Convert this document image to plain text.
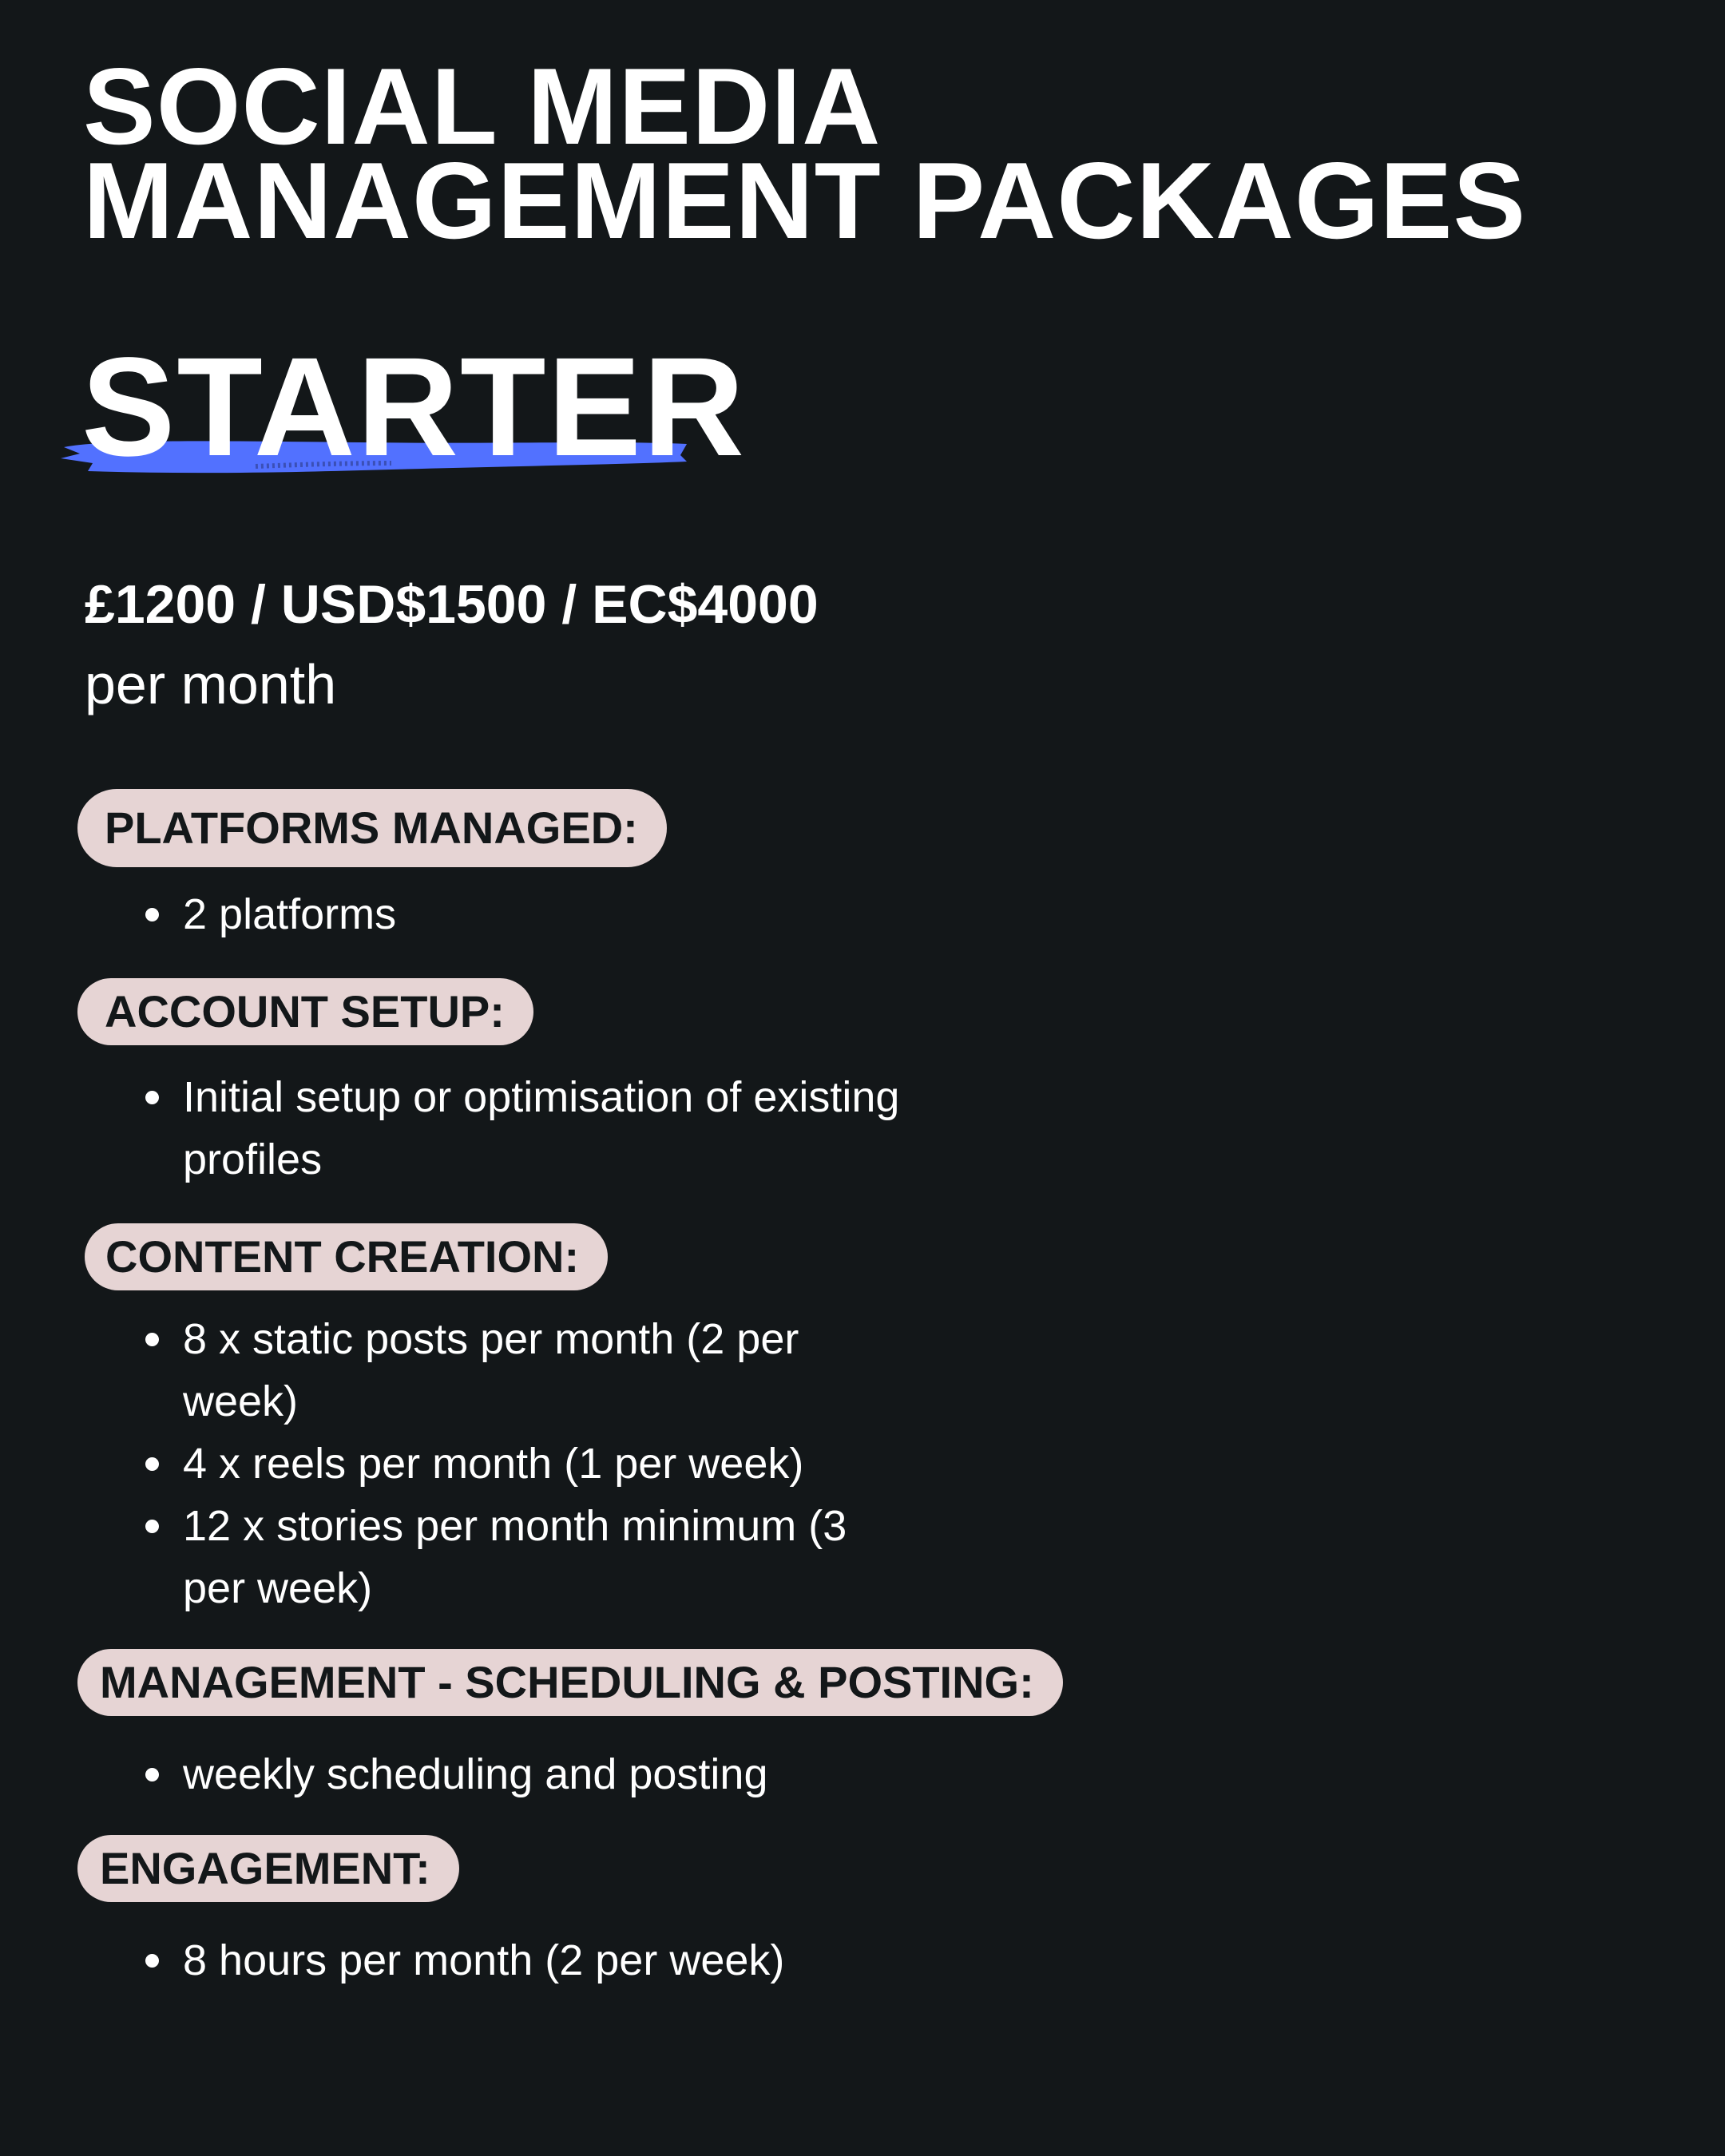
SOCIAL MEDIA
MANAGEMENT PACKAGES
STARTER
£1200 / USD$1500 / EC$4000
per month
PLATFORMS MANAGED:
2 platforms
ACCOUNT SETUP:
Initial setup or optimisation of existing profiles
CONTENT CREATION:
8 x static posts per month (2 per week)
4 x reels per month (1 per week)
12 x stories per month minimum (3 per week)
MANAGEMENT - SCHEDULING & POSTING:
weekly scheduling and posting
ENGAGEMENT:
8 hours per month (2 per week)
